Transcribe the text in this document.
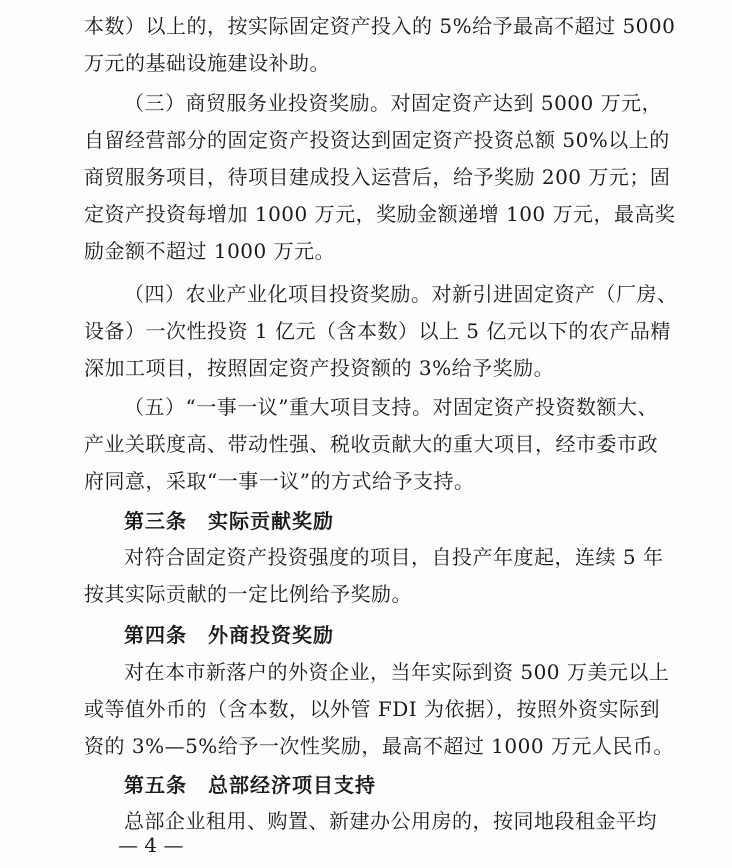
本数）以上的，按实际固定资产投入的 5%给予最高不超过 5000
万元的基础设施建设补助。
（三）商贸服务业投资奖励。对固定资产达到 5000 万元，
自留经营部分的固定资产投资达到固定资产投资总额 50%以上的
商贸服务项目，待项目建成投入运营后，给予奖励 200 万元；固
定资产投资每增加 1000 万元，奖励金额递增 100 万元，最高奖
励金额不超过 1000 万元。
（四）农业产业化项目投资奖励。对新引进固定资产（厂房、
设备）一次性投资 1 亿元（含本数）以上 5 亿元以下的农产品精
深加工项目，按照固定资产投资额的 3%给予奖励。
（五）“一事一议”重大项目支持。对固定资产投资数额大、
产业关联度高、带动性强、税收贡献大的重大项目，经市委市政
府同意，采取“一事一议”的方式给予支持。
第三条　实际贡献奖励
对符合固定资产投资强度的项目，自投产年度起，连续 5 年
按其实际贡献的一定比例给予奖励。
第四条　外商投资奖励
对在本市新落户的外资企业，当年实际到资 500 万美元以上
或等值外币的（含本数，以外管 FDI 为依据），按照外资实际到
资的 3%—5%给予一次性奖励，最高不超过 1000 万元人民币。
第五条　总部经济项目支持
总部企业租用、购置、新建办公用房的，按同地段租金平均
— 4 —
